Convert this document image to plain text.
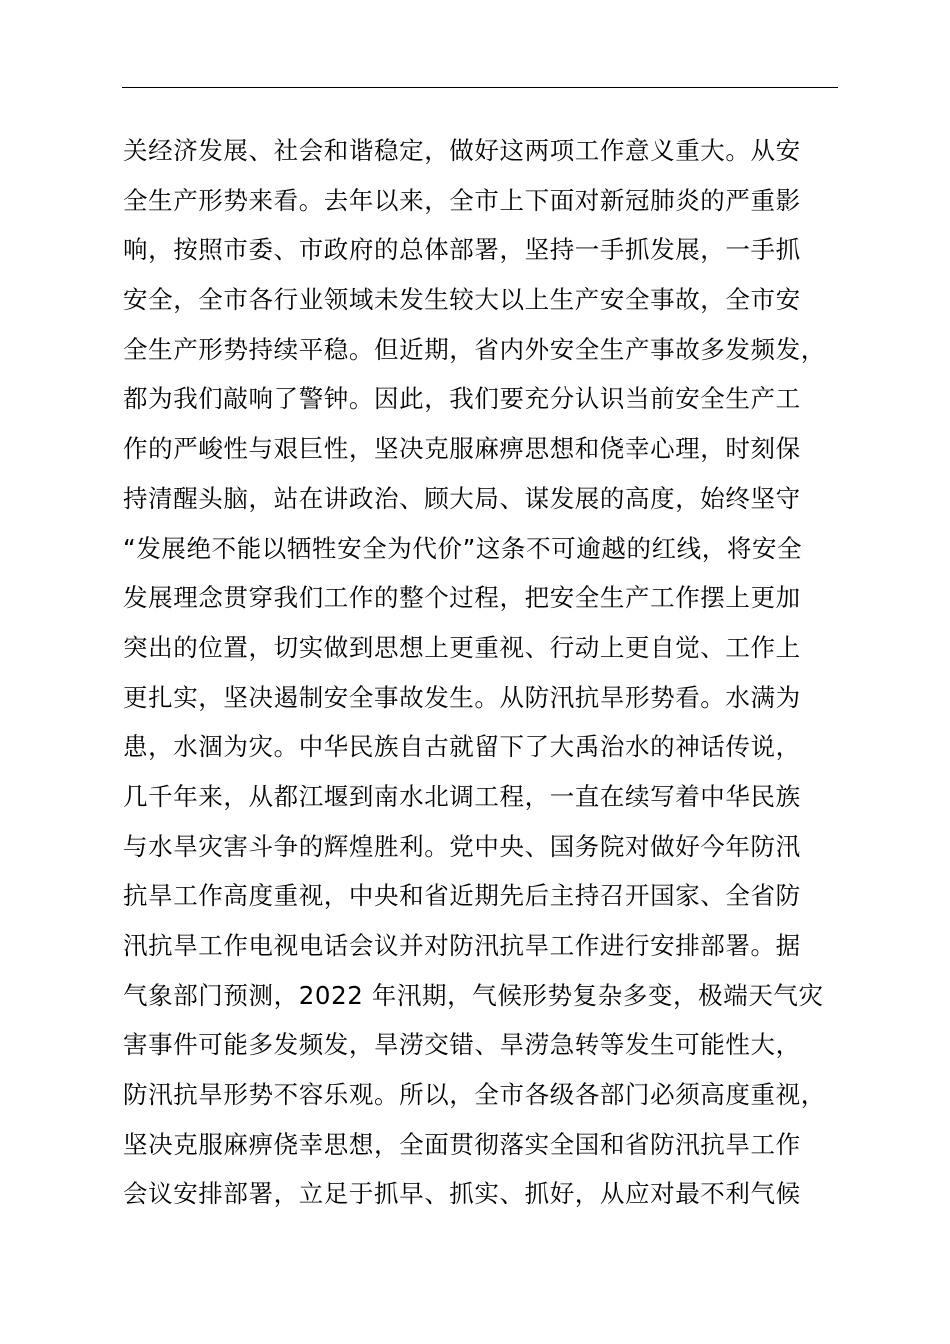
关经济发展、社会和谐稳定，做好这两项工作意义重大。从安
全生产形势来看。去年以来，全市上下面对新冠肺炎的严重影
响，按照市委、市政府的总体部署，坚持一手抓发展，一手抓
安全，全市各行业领域未发生较大以上生产安全事故，全市安
全生产形势持续平稳。但近期，省内外安全生产事故多发频发，
都为我们敲响了警钟。因此，我们要充分认识当前安全生产工
作的严峻性与艰巨性，坚决克服麻痹思想和侥幸心理，时刻保
持清醒头脑，站在讲政治、顾大局、谋发展的高度，始终坚守
“发展绝不能以牺牲安全为代价”这条不可逾越的红线，将安全
发展理念贯穿我们工作的整个过程，把安全生产工作摆上更加
突出的位置，切实做到思想上更重视、行动上更自觉、工作上
更扎实，坚决遏制安全事故发生。从防汛抗旱形势看。水满为
患，水涸为灾。中华民族自古就留下了大禹治水的神话传说，
几千年来，从都江堰到南水北调工程，一直在续写着中华民族
与水旱灾害斗争的辉煌胜利。党中央、国务院对做好今年防汛
抗旱工作高度重视，中央和省近期先后主持召开国家、全省防
汛抗旱工作电视电话会议并对防汛抗旱工作进行安排部署。据
气象部门预测，2022 年汛期，气候形势复杂多变，极端天气灾
害事件可能多发频发，旱涝交错、旱涝急转等发生可能性大，
防汛抗旱形势不容乐观。所以，全市各级各部门必须高度重视，
坚决克服麻痹侥幸思想，全面贯彻落实全国和省防汛抗旱工作
会议安排部署，立足于抓早、抓实、抓好，从应对最不利气候
